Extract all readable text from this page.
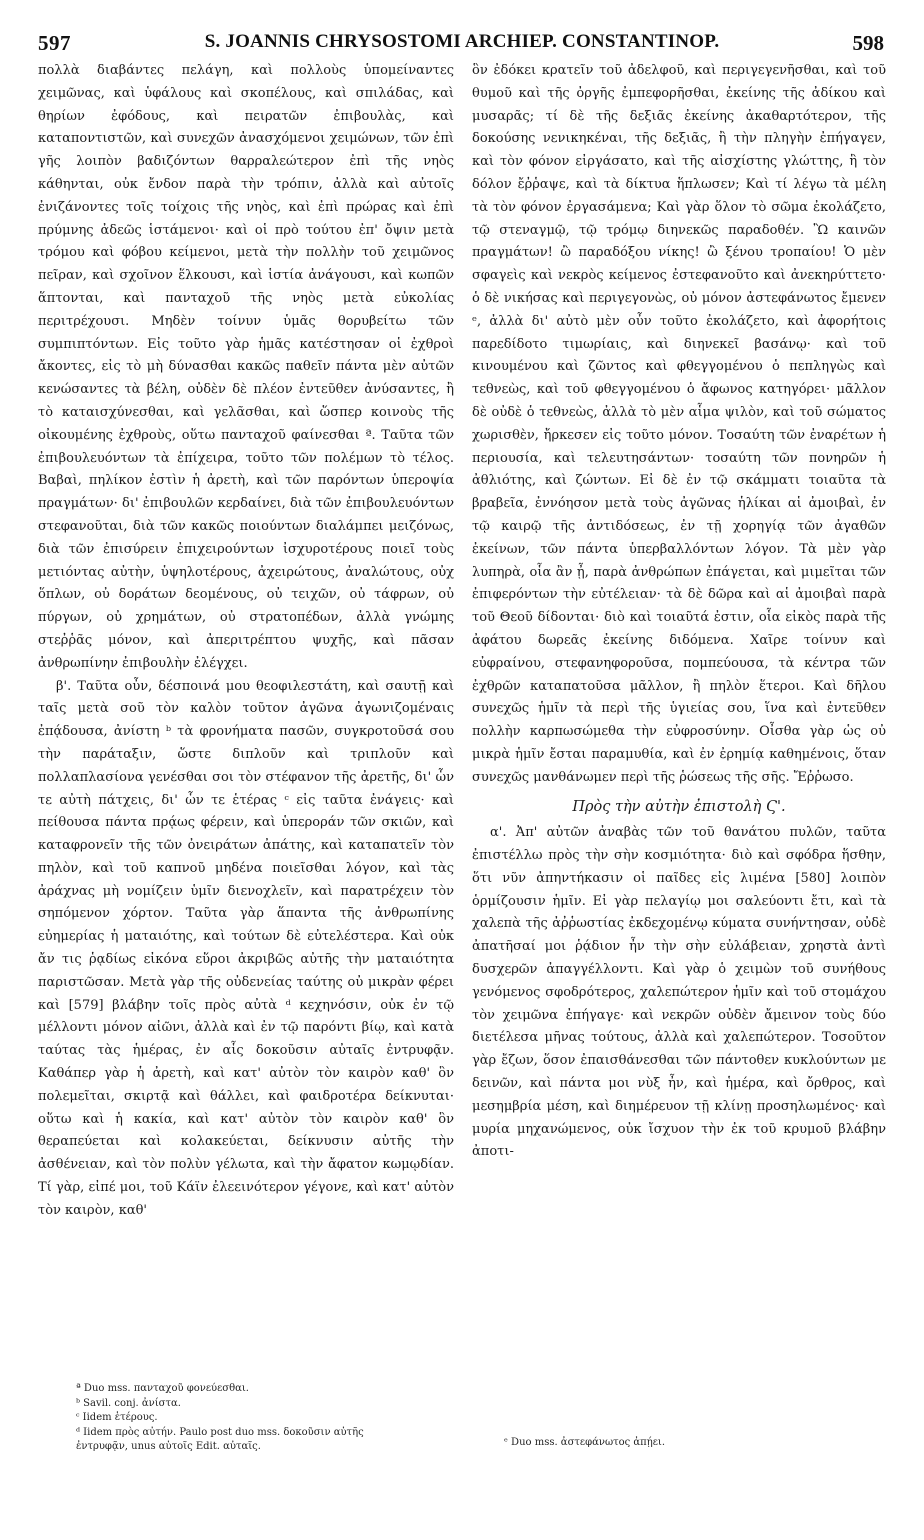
597	S. JOANNIS CHRYSOSTOMI ARCHIEP. CONSTANTINOP.	598

πολλὰ διαβάντες πελάγη, καὶ πολλοὺς ὑπομείναντες χειμῶνας, καὶ ὑφάλους καὶ σκοπέλους, καὶ σπιλάδας, καὶ θηρίων ἐφόδους, καὶ πειρατῶν ἐπιβουλὰς, καὶ καταποντιστῶν, καὶ συνεχῶν ἀνασχόμενοι χειμώνων, τῶν ἐπὶ γῆς λοιπὸν βαδιζόντων θαρραλεώτερον ἐπὶ τῆς νηὸς κάθηνται, οὐκ ἔνδον παρὰ τὴν τρόπιν, ἀλλὰ καὶ αὐτοῖς ἐνιζάνοντες τοῖς τοίχοις τῆς νηὸς, καὶ ἐπὶ πρώρας καὶ ἐπὶ πρύμνης ἀδεῶς ἱστάμενοι· καὶ οἱ πρὸ τούτου ἐπ' ὄψιν μετὰ τρόμου καὶ φόβου κείμενοι, μετὰ τὴν πολλὴν τοῦ χειμῶνος πεῖραν, καὶ σχοῖνον ἕλκουσι, καὶ ἱστία ἀνάγουσι, καὶ κωπῶν ἅπτονται, καὶ πανταχοῦ τῆς νηὸς μετὰ εὐκολίας περιτρέχουσι. Μηδὲν τοίνυν ὑμᾶς θορυβείτω τῶν συμπιπτόντων. Εἰς τοῦτο γὰρ ἡμᾶς κατέστησαν οἱ ἐχθροὶ ἄκοντες, εἰς τὸ μὴ δύνασθαι κακῶς παθεῖν πάντα μὲν αὐτῶν κενώσαντες τὰ βέλη, οὐδὲν δὲ πλέον ἐντεῦθεν ἀνύσαντες, ἢ τὸ καταισχύνεσθαι, καὶ γελᾶσθαι, καὶ ὥσπερ κοινοὺς τῆς οἰκουμένης ἐχθροὺς, οὕτω πανταχοῦ φαίνεσθαι ª. Ταῦτα τῶν ἐπιβουλευόντων τὰ ἐπίχειρα, τοῦτο τῶν πολέμων τὸ τέλος. Βαβαὶ, πηλίκον ἐστὶν ἡ ἀρετὴ, καὶ τῶν παρόντων ὑπεροψία πραγμάτων· δι' ἐπιβουλῶν κερδαίνει, διὰ τῶν ἐπιβουλευόντων στεφανοῦται, διὰ τῶν κακῶς ποιούντων διαλάμπει μειζόνως, διὰ τῶν ἐπισύρειν ἐπιχειρούντων ἰσχυροτέρους ποιεῖ τοὺς μετιόντας αὐτὴν, ὑψηλοτέρους, ἀχειρώτους, ἀναλώτους, οὐχ ὅπλων, οὐ δοράτων δεομένους, οὐ τειχῶν, οὐ τάφρων, οὐ πύργων, οὐ χρημάτων, οὐ στρατοπέδων, ἀλλὰ γνώμης στεῤῥᾶς μόνον, καὶ ἀπεριτρέπτου ψυχῆς, καὶ πᾶσαν ἀνθρωπίνην ἐπιβουλὴν ἐλέγχει.

β'. Ταῦτα οὖν, δέσποινά μου θεοφιλεστάτη, καὶ σαυτῇ καὶ ταῖς μετὰ σοῦ τὸν καλὸν τοῦτον ἀγῶνα ἀγωνιζομέναις ἐπᾴδουσα, ἀνίστη ᵇ τὰ φρονήματα πασῶν, συγκροτοῦσά σου τὴν παράταξιν, ὥστε διπλοῦν καὶ τριπλοῦν καὶ πολλαπλασίονα γενέσθαι σοι τὸν στέφανον τῆς ἀρετῆς, δι' ὧν τε αὐτὴ πάτχεις, δι' ὧν τε ἑτέρας ᶜ εἰς ταῦτα ἐνάγεις· καὶ πείθουσα πάντα πρᾴως φέρειν, καὶ ὑπεροράν τῶν σκιῶν, καὶ καταφρονεῖν τῆς τῶν ὀνειράτων ἀπάτης, καὶ καταπατεῖν τὸν πηλὸν, καὶ τοῦ καπνοῦ μηδένα ποιεῖσθαι λόγον, καὶ τὰς ἀράχνας μὴ νομίζειν ὑμῖν διενοχλεῖν, καὶ παρατρέχειν τὸν σηπόμενον χόρτον. Ταῦτα γὰρ ἅπαντα τῆς ἀνθρωπίνης εὐημερίας ἡ ματαιότης, καὶ τούτων δὲ εὐτελέστερα. Καὶ οὐκ ἄν τις ῥᾳδίως εἰκόνα εὕροι ἀκριβῶς αὐτῆς τὴν ματαιότητα παριστῶσαν. Μετὰ γὰρ τῆς οὐδενείας ταύτης οὐ μικρὰν φέρει καὶ [579] βλάβην τοῖς πρὸς αὐτὰ ᵈ κεχηνόσιν, οὐκ ἐν τῷ μέλλοντι μόνον αἰῶνι, ἀλλὰ καὶ ἐν τῷ παρόντι βίῳ, καὶ κατὰ ταύτας τὰς ἡμέρας, ἐν αἷς δοκοῦσιν αὐταῖς ἐντρυφᾷν. Καθάπερ γὰρ ἡ ἀρετὴ, καὶ κατ' αὐτὸν τὸν καιρὸν καθ' ὃν πολεμεῖται, σκιρτᾷ καὶ θάλλει, καὶ φαιδροτέρα δείκνυται· οὕτω καὶ ἡ κακία, καὶ κατ' αὐτὸν τὸν καιρὸν καθ' ὃν θεραπεύεται καὶ κολακεύεται, δείκνυσιν αὐτῆς τὴν ἀσθένειαν, καὶ τὸν πολὺν γέλωτα, καὶ τὴν ἄφατον κωμῳδίαν. Τί γὰρ, εἰπέ μοι, τοῦ Κάϊν ἐλεεινότερον γέγονε, καὶ κατ' αὐτὸν τὸν καιρὸν, καθ'

ὃν ἐδόκει κρατεῖν τοῦ ἀδελφοῦ, καὶ περιγεγενῆσθαι, καὶ τοῦ θυμοῦ καὶ τῆς ὀργῆς ἐμπεφορῆσθαι, ἐκείνης τῆς ἀδίκου καὶ μυσαρᾶς; τί δὲ τῆς δεξιᾶς ἐκείνης ἀκαθαρτότερον, τῆς δοκούσης νενικηκέναι, τῆς δεξιᾶς, ἢ τὴν πληγὴν ἐπήγαγεν, καὶ τὸν φόνον εἰργάσατο, καὶ τῆς αἰσχίστης γλώττης, ἣ τὸν δόλον ἔῤῥαψε, καὶ τὰ δίκτυα ἥπλωσεν; Καὶ τί λέγω τὰ μέλη τὰ τὸν φόνον ἐργασάμενα; Καὶ γὰρ ὅλον τὸ σῶμα ἐκολάζετο, τῷ στεναγμῷ, τῷ τρόμῳ διηνεκῶς παραδοθέν. Ὢ καινῶν πραγμάτων! ὢ παραδόξου νίκης! ὢ ξένου τροπαίου! Ὁ μὲν σφαγεὶς καὶ νεκρὸς κείμενος ἐστεφανοῦτο καὶ ἀνεκηρύττετο· ὁ δὲ νικήσας καὶ περιγεγονὼς, οὐ μόνον ἀστεφάνωτος ἔμενεν ᵉ, ἀλλὰ δι' αὐτὸ μὲν οὖν τοῦτο ἐκολάζετο, καὶ ἀφορήτοις παρεδίδοτο τιμωρίαις, καὶ διηνεκεῖ βασάνῳ· καὶ τοῦ κινουμένου καὶ ζῶντος καὶ φθεγγομένου ὁ πεπληγὼς καὶ τεθνεὼς, καὶ τοῦ φθεγγομένου ὁ ἄφωνος κατηγόρει· μᾶλλον δὲ οὐδὲ ὁ τεθνεὼς, ἀλλὰ τὸ μὲν αἷμα ψιλὸν, καὶ τοῦ σώματος χωρισθὲν, ἤρκεσεν εἰς τοῦτο μόνον. Τοσαύτη τῶν ἐναρέτων ἡ περιουσία, καὶ τελευτησάντων· τοσαύτη τῶν πονηρῶν ἡ ἀθλιότης, καὶ ζώντων. Εἰ δὲ ἐν τῷ σκάμματι τοιαῦτα τὰ βραβεῖα, ἐννόησον μετὰ τοὺς ἀγῶνας ἡλίκαι αἱ ἀμοιβαὶ, ἐν τῷ καιρῷ τῆς ἀντιδόσεως, ἐν τῇ χορηγίᾳ τῶν ἀγαθῶν ἐκείνων, τῶν πάντα ὑπερβαλλόντων λόγον. Τὰ μὲν γὰρ λυπηρὰ, οἷα ἂν ᾖ, παρὰ ἀνθρώπων ἐπάγεται, καὶ μιμεῖται τῶν ἐπιφερόντων τὴν εὐτέλειαν· τὰ δὲ δῶρα καὶ αἱ ἀμοιβαὶ παρὰ τοῦ Θεοῦ δίδονται· διὸ καὶ τοιαῦτά ἐστιν, οἷα εἰκὸς παρὰ τῆς ἀφάτου δωρεᾶς ἐκείνης διδόμενα. Χαῖρε τοίνυν καὶ εὐφραίνου, στεφανηφοροῦσα, πομπεύουσα, τὰ κέντρα τῶν ἐχθρῶν καταπατοῦσα μᾶλλον, ἢ πηλὸν ἕτεροι. Καὶ δῆλου συνεχῶς ἡμῖν τὰ περὶ τῆς ὑγιείας σου, ἵνα καὶ ἐντεῦθεν πολλὴν καρπωσώμεθα τὴν εὐφροσύνην. Οἶσθα γὰρ ὡς οὐ μικρὰ ἡμῖν ἔσται παραμυθία, καὶ ἐν ἐρημίᾳ καθημένοις, ὅταν συνεχῶς μανθάνωμεν περὶ τῆς ῥώσεως τῆς σῆς. Ἔῤῥωσο.

Πρὸς τὴν αὐτὴν ἐπιστολὴ Ϛ'.

α'. Ἀπ' αὐτῶν ἀναβὰς τῶν τοῦ θανάτου πυλῶν, ταῦτα ἐπιστέλλω πρὸς τὴν σὴν κοσμιότητα· διὸ καὶ σφόδρα ἥσθην, ὅτι νῦν ἀπηντήκασιν οἱ παῖδες εἰς λιμένα [580] λοιπὸν ὁρμίζουσιν ἡμῖν. Εἰ γὰρ πελαγίῳ μοι σαλεύοντι ἔτι, καὶ τὰ χαλεπὰ τῆς ἀῤῥωστίας ἐκδεχομένῳ κύματα συνήντησαν, οὐδὲ ἀπατῆσαί μοι ῥᾴδιον ἦν τὴν σὴν εὐλάβειαν, χρηστὰ ἀντὶ δυσχερῶν ἀπαγγέλλοντι. Καὶ γὰρ ὁ χειμὼν τοῦ συνήθους γενόμενος σφοδρότερος, χαλεπώτερον ἡμῖν καὶ τοῦ στομάχου τὸν χειμῶνα ἐπήγαγε· καὶ νεκρῶν οὐδὲν ἄμεινον τοὺς δύο διετέλεσα μῆνας τούτους, ἀλλὰ καὶ χαλεπώτερον. Τοσοῦτον γὰρ ἔζων, ὅσον ἐπαισθάνεσθαι τῶν πάντοθεν κυκλούντων με δεινῶν, καὶ πάντα μοι νὺξ ἦν, καὶ ἡμέρα, καὶ ὄρθρος, καὶ μεσημβρία μέση, καὶ διημέρευον τῇ κλίνῃ προσηλωμένος· καὶ μυρία μηχανώμενος, οὐκ ἴσχυον τὴν ἐκ τοῦ κρυμοῦ βλάβην ἀποτι-

ª Duo mss. πανταχοῦ φονεύεσθαι.
ᵇ Savil. conj. ἀνίστα.
ᶜ Iidem ἑτέρους.
ᵈ Iidem πρὸς αὐτήν. Paulo post duo mss. δοκοῦσιν αὐτῆς
ἐντρυφᾷν, unus αὐτοῖς Edit. αὐταῖς.	ᵉ Duo mss. ἀστεφάνωτος ἀπῄει.
